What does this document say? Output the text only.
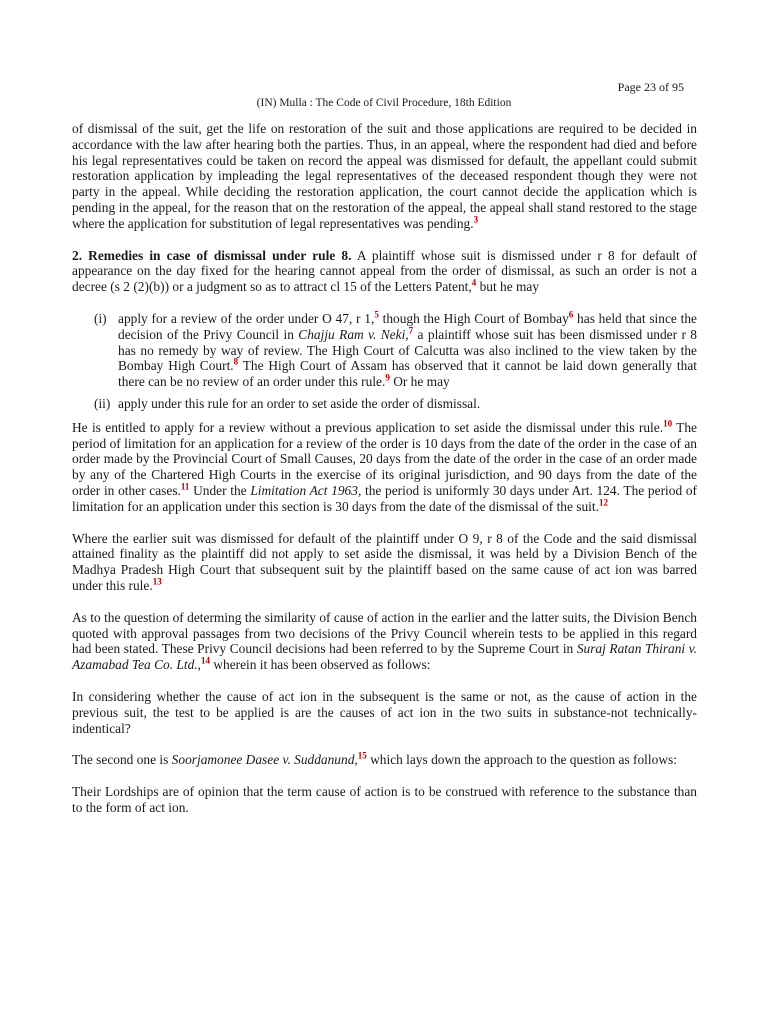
Page 23 of 95
(IN) Mulla : The Code of Civil Procedure, 18th Edition

of dismissal of the suit, get the life on restoration of the suit and those applications are required to be decided in accordance with the law after hearing both the parties. Thus, in an appeal, where the respondent had died and before his legal representatives could be taken on record the appeal was dismissed for default, the appellant could submit restoration application by impleading the legal representatives of the deceased respondent though they were not party in the appeal. While deciding the restoration application, the court cannot decide the application which is pending in the appeal, for the reason that on the restoration of the appeal, the appeal shall stand restored to the stage where the application for substitution of legal representatives was pending.$^3$

2. Remedies in case of dismissal under rule 8. A plaintiff whose suit is dismissed under r 8 for default of appearance on the day fixed for the hearing cannot appeal from the order of dismissal, as such an order is not a decree (s 2 (2)(b)) or a judgment so as to attract cl 15 of the Letters Patent,$^4$ but he may

(i) apply for a review of the order under O 47, r 1,$^5$ though the High Court of Bombay$^6$ has held that since the decision of the Privy Council in Chajju Ram v. Neki,$^7$ a plaintiff whose suit has been dismissed under r 8 has no remedy by way of review. The High Court of Calcutta was also inclined to the view taken by the Bombay High Court.$^8$ The High Court of Assam has observed that it cannot be laid down generally that there can be no review of an order under this rule.$^9$ Or he may
(ii) apply under this rule for an order to set aside the order of dismissal.

He is entitled to apply for a review without a previous application to set aside the dismissal under this rule.$^{10}$ The period of limitation for an application for a review of the order is 10 days from the date of the order in the case of an order made by the Provincial Court of Small Causes, 20 days from the date of the order in the case of an order made by any of the Chartered High Courts in the exercise of its original jurisdiction, and 90 days from the date of the order in other cases.$^{11}$ Under the Limitation Act 1963, the period is uniformly 30 days under Art. 124. The period of limitation for an application under this section is 30 days from the date of the dismissal of the suit.$^{12}$

Where the earlier suit was dismissed for default of the plaintiff under O 9, r 8 of the Code and the said dismissal attained finality as the plaintiff did not apply to set aside the dismissal, it was held by a Division Bench of the Madhya Pradesh High Court that subsequent suit by the plaintiff based on the same cause of act ion was barred under this rule.$^{13}$

As to the question of determing the similarity of cause of action in the earlier and the latter suits, the Division Bench quoted with approval passages from two decisions of the Privy Council wherein tests to be applied in this regard had been stated. These Privy Council decisions had been referred to by the Supreme Court in Suraj Ratan Thirani v. Azamabad Tea Co. Ltd.,$^{14}$ wherein it has been observed as follows:

In considering whether the cause of act ion in the subsequent is the same or not, as the cause of action in the previous suit, the test to be applied is are the causes of act ion in the two suits in substance-not technically-indentical?

The second one is Soorjamonee Dasee v. Suddanund,$^{15}$ which lays down the approach to the question as follows:

Their Lordships are of opinion that the term cause of action is to be construed with reference to the substance than to the form of act ion.
